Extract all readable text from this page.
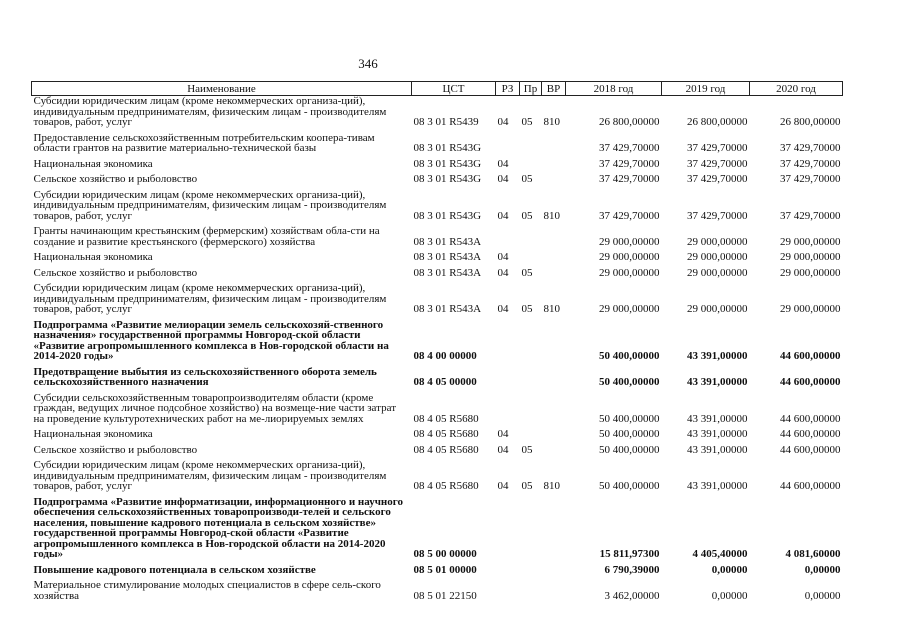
346
Наименование	ЦСТ	РЗ	Пр	ВР	2018 год	2019 год	2020 год
Субсидии юридическим лицам (кроме некоммерческих организа-ций), индивидуальным предпринимателям, физическим лицам - производителям товаров, работ, услуг	08 3 01 R5439	04	05	810	26 800,00000	26 800,00000	26 800,00000
Предоставление сельскохозяйственным потребительским коопера-тивам области грантов на развитие материально-технической базы	08 3 01 R543G				37 429,70000	37 429,70000	37 429,70000
Национальная экономика	08 3 01 R543G	04			37 429,70000	37 429,70000	37 429,70000
Сельское хозяйство и рыболовство	08 3 01 R543G	04	05		37 429,70000	37 429,70000	37 429,70000
Субсидии юридическим лицам (кроме некоммерческих организа-ций), индивидуальным предпринимателям, физическим лицам - производителям товаров, работ, услуг	08 3 01 R543G	04	05	810	37 429,70000	37 429,70000	37 429,70000
Гранты начинающим крестьянским (фермерским) хозяйствам обла-сти на создание и развитие крестьянского (фермерского) хозяйства	08 3 01 R543A				29 000,00000	29 000,00000	29 000,00000
Национальная экономика	08 3 01 R543A	04			29 000,00000	29 000,00000	29 000,00000
Сельское хозяйство и рыболовство	08 3 01 R543A	04	05		29 000,00000	29 000,00000	29 000,00000
Субсидии юридическим лицам (кроме некоммерческих организа-ций), индивидуальным предпринимателям, физическим лицам - производителям товаров, работ, услуг	08 3 01 R543A	04	05	810	29 000,00000	29 000,00000	29 000,00000
Подпрограмма «Развитие мелиорации земель сельскохозяй-ственного назначения» государственной программы Новгород-ской области «Развитие агропромышленного комплекса в Нов-городской области на 2014-2020 годы»	08 4 00 00000				50 400,00000	43 391,00000	44 600,00000
Предотвращение выбытия из сельскохозяйственного оборота земель сельскохозяйственного назначения	08 4 05 00000				50 400,00000	43 391,00000	44 600,00000
Субсидии сельскохозяйственным товаропроизводителям области (кроме граждан, ведущих личное подсобное хозяйство) на возмеще-ние части затрат на проведение культуротехнических работ на ме-лиорируемых землях	08 4 05 R5680				50 400,00000	43 391,00000	44 600,00000
Национальная экономика	08 4 05 R5680	04			50 400,00000	43 391,00000	44 600,00000
Сельское хозяйство и рыболовство	08 4 05 R5680	04	05		50 400,00000	43 391,00000	44 600,00000
Субсидии юридическим лицам (кроме некоммерческих организа-ций), индивидуальным предпринимателям, физическим лицам - производителям товаров, работ, услуг	08 4 05 R5680	04	05	810	50 400,00000	43 391,00000	44 600,00000
Подпрограмма «Развитие информатизации, информационного и научного обеспечения сельскохозяйственных товаропроизводи-телей и сельского населения, повышение кадрового потенциала в сельском хозяйстве» государственной программы Новгород-ской области «Развитие агропромышленного комплекса в Нов-городской области на 2014-2020 годы»	08 5 00 00000				15 811,97300	4 405,40000	4 081,60000
Повышение кадрового потенциала в сельском хозяйстве	08 5 01 00000				6 790,39000	0,00000	0,00000
Материальное стимулирование молодых специалистов в сфере сель-ского хозяйства	08 5 01 22150				3 462,00000	0,00000	0,00000
